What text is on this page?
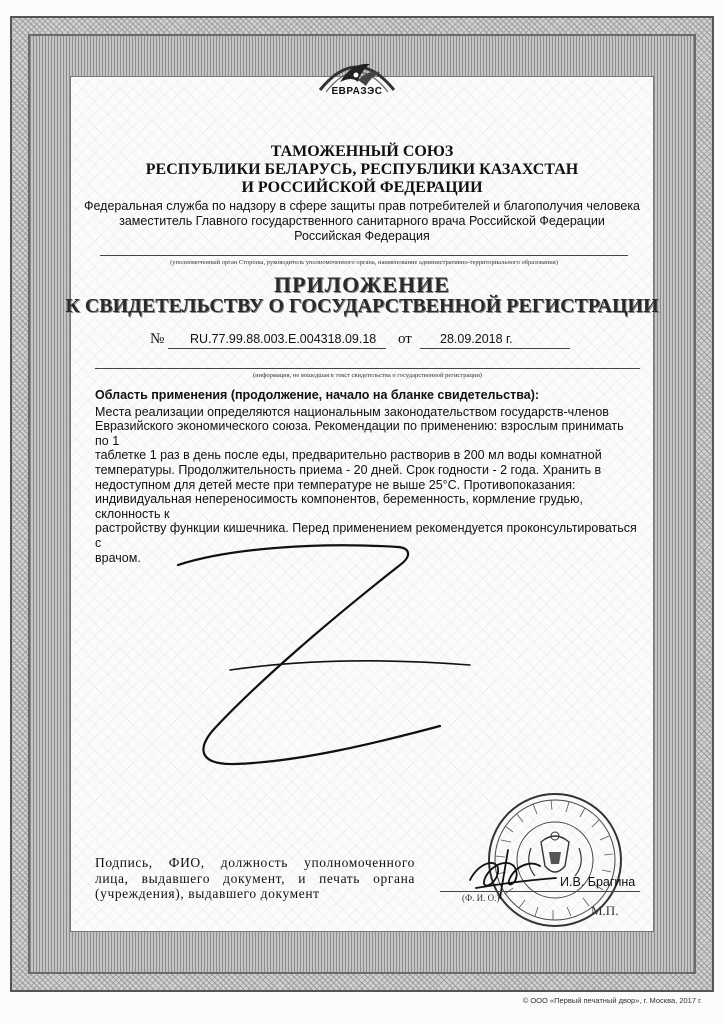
ЕВРАЗЭС
ТАМОЖЕННЫЙ СОЮЗ
РЕСПУБЛИКИ БЕЛАРУСЬ, РЕСПУБЛИКИ КАЗАХСТАН
И РОССИЙСКОЙ ФЕДЕРАЦИИ
Федеральная служба по надзору в сфере защиты прав потребителей и благополучия человека
заместитель Главного государственного санитарного врача Российской Федерации
Российская Федерация
(уполномоченный орган Стороны, руководитель уполномоченного органа, наименование административно-территориального образования)
ПРИЛОЖЕНИЕ
К СВИДЕТЕЛЬСТВУ О ГОСУДАРСТВЕННОЙ РЕГИСТРАЦИИ
№ RU.77.99.88.003.Е.004318.09.18 от 28.09.2018 г.
(информация, не вошедшая в текст свидетельства о государственной регистрации)
Область применения (продолжение, начало на бланке свидетельства):
Места реализации определяются национальным законодательством государств-членов
Евразийского экономического союза. Рекомендации по применению: взрослым принимать по 1
таблетке 1 раз в день после еды, предварительно растворив в 200 мл воды комнатной
температуры. Продолжительность приема - 20 дней. Срок годности - 2 года. Хранить в
недоступном для детей месте при температуре не выше 25°С. Противопоказания:
индивидуальная непереносимость компонентов, беременность, кормление грудью, склонность к
растройству функции кишечника. Перед применением рекомендуется проконсультироваться с
врачом.
Подпись, ФИО, должность уполномоченного лица, выдавшего документ, и печать органа (учреждения), выдавшего документ
И.В. Брагина
(Ф. И. О.)
М.П.
© ООО «Первый печатный двор», г. Москва, 2017 г.
